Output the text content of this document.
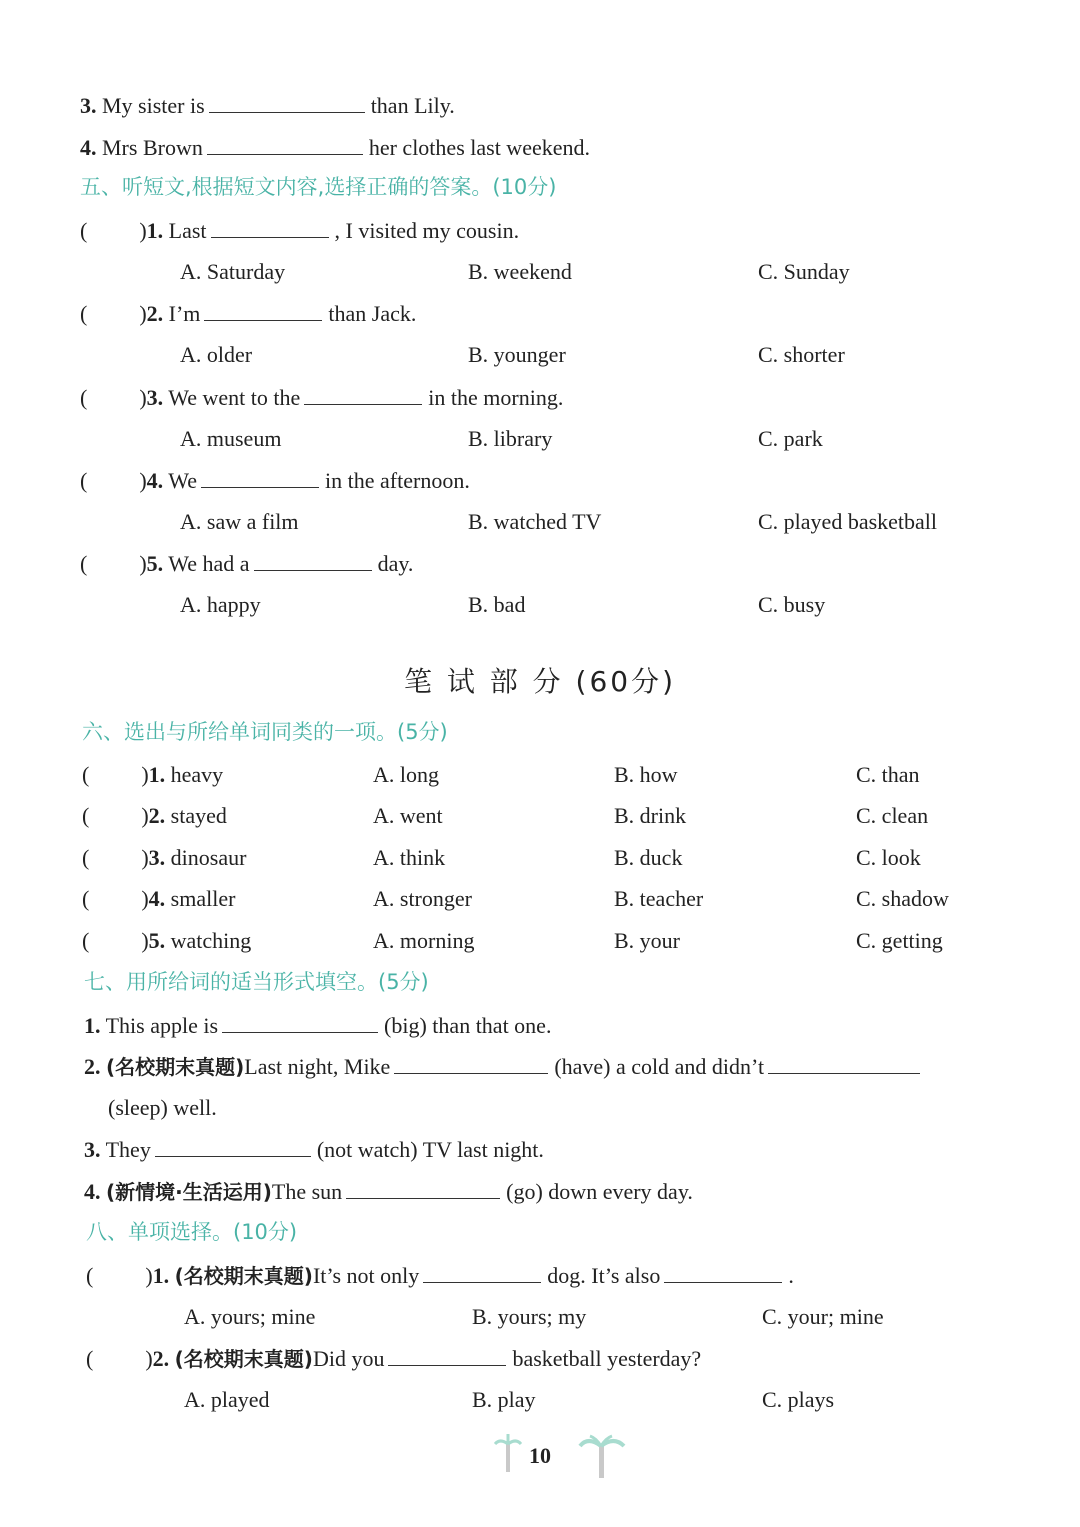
3. My sister is	than Lily.
4. Mrs Brown	her clothes last weekend.
五、听短文,根据短文内容,选择正确的答案。(10分)
( )1. Last	, I visited my cousin.
A. Saturday	B. weekend	C. Sunday
( )2. I’m	than Jack.
A. older	B. younger	C. shorter
( )3. We went to the	in the morning.
A. museum	B. library	C. park
( )4. We	in the afternoon.
A. saw a film	B. watched TV	C. played basketball
( )5. We had a	day.
A. happy	B. bad	C. busy
笔 试 部 分 (60分)
六、选出与所给单词同类的一项。(5分)
( )1. heavy	A. long	B. how	C. than
( )2. stayed	A. went	B. drink	C. clean
( )3. dinosaur	A. think	B. duck	C. look
( )4. smaller	A. stronger	B. teacher	C. shadow
( )5. watching	A. morning	B. your	C. getting
七、用所给词的适当形式填空。(5分)
1. This apple is	(big) than that one.
2. (名校期末真题)Last night, Mike	(have) a cold and didn’t
(sleep) well.
3. They	(not watch) TV last night.
4. (新情境·生活运用)The sun	(go) down every day.
八、单项选择。(10分)
( )1. (名校期末真题)It’s not only	dog. It’s also	.
A. yours; mine	B. yours; my	C. your; mine
( )2. (名校期末真题)Did you	basketball yesterday?
A. played	B. play	C. plays
10
